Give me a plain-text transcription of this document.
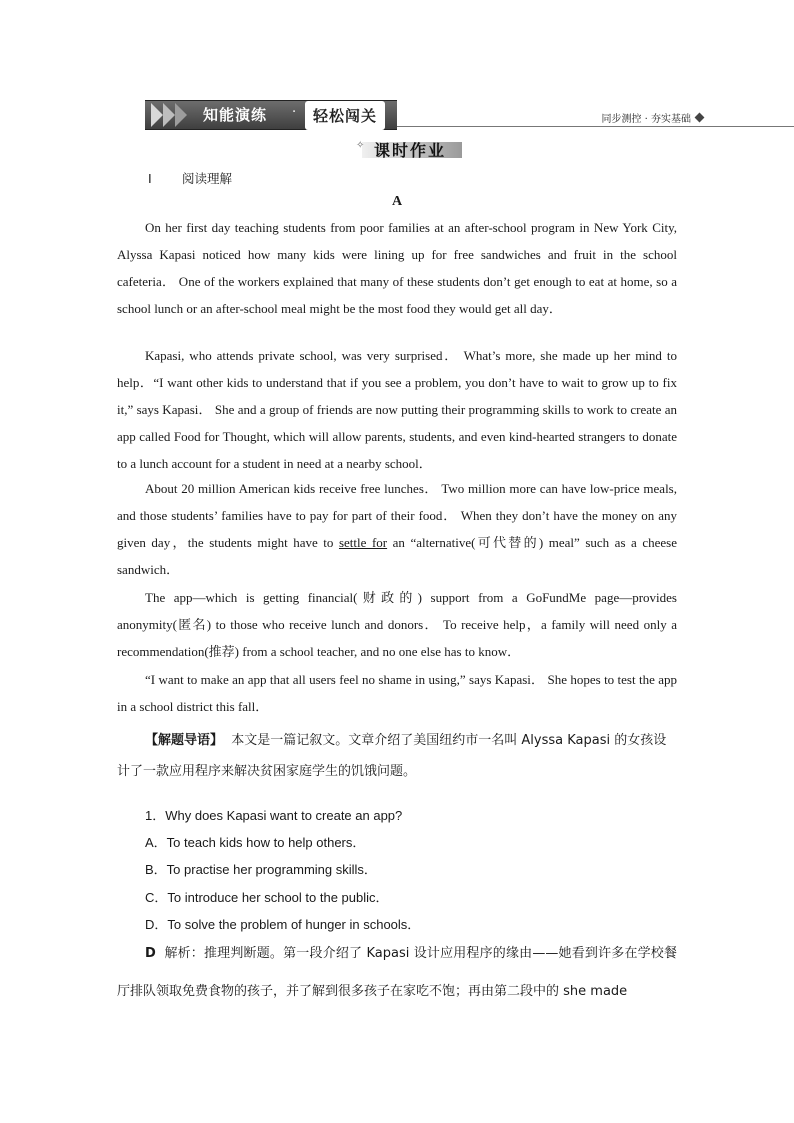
知能演练 ·	轻松闯关	同步测控 · 夯实基础
✧ 课时作业
Ⅰ 阅读理解
A
On her first day teaching students from poor families at an after-school program in New York City, Alyssa Kapasi noticed how many kids were lining up for free sandwiches and fruit in the school cafeteria． One of the workers explained that many of these students don’t get enough to eat at home, so a school lunch or an after-school meal might be the most food they would get all day．
Kapasi, who attends private school, was very surprised． What’s more, she made up her mind to help．“I want other kids to understand that if you see a problem, you don’t have to wait to grow up to fix it,” says Kapasi． She and a group of friends are now putting their programming skills to work to create an app called Food for Thought, which will allow parents, students, and even kind-hearted strangers to donate to a lunch account for a student in need at a nearby school．
About 20 million American kids receive free lunches． Two million more can have low-price meals, and those students’ families have to pay for part of their food． When they don’t have the money on any given day，the students might have to settle for an “alternative(可代替的) meal” such as a cheese sandwich．
The app—which is getting financial(财政的) support from a GoFundMe page—provides anonymity(匿名) to those who receive lunch and donors． To receive help，a family will need only a recommendation(推荐) from a school teacher, and no one else has to know．
“I want to make an app that all users feel no shame in using,” says Kapasi． She hopes to test the app in a school district this fall．
【解题导语】 本文是一篇记叙文。文章介绍了美国纽约市一名叫 Alyssa Kapasi 的女孩设计了一款应用程序来解决贫困家庭学生的饥饿问题。
1．Why does Kapasi want to create an app?
A．To teach kids how to help others．
B．To practise her programming skills．
C．To introduce her school to the public．
D．To solve the problem of hunger in schools．
D 解析：推理判断题。第一段介绍了 Kapasi 设计应用程序的缘由——她看到许多在学校餐厅排队领取免费食物的孩子，并了解到很多孩子在家吃不饱；再由第二段中的 she made
